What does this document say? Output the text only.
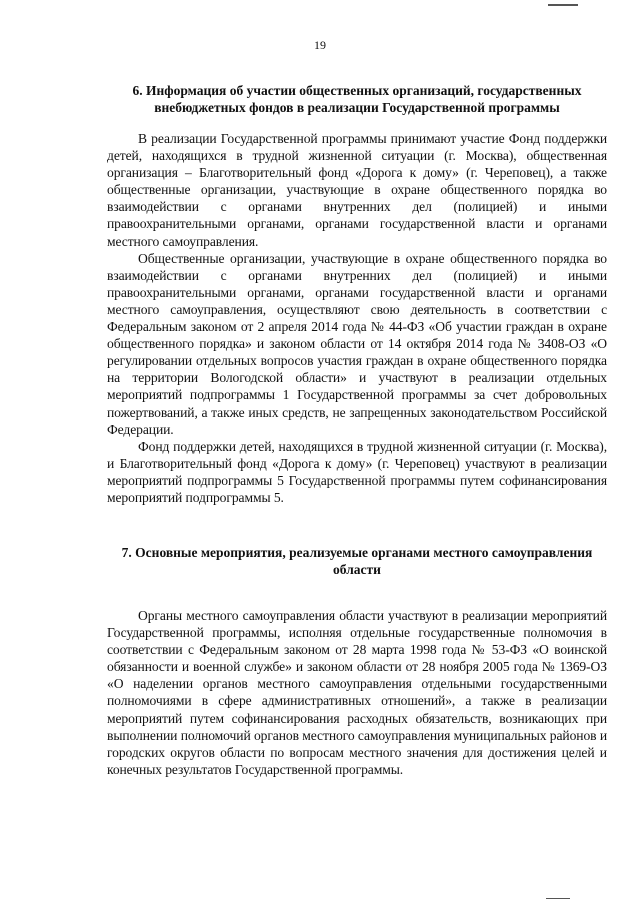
19
6. Информация об участии общественных организаций, государственных внебюджетных фондов в реализации Государственной программы

В реализации Государственной программы принимают участие Фонд поддержки детей, находящихся в трудной жизненной ситуации (г. Москва), общественная организация – Благотворительный фонд «Дорога к дому» (г. Череповец), а также общественные организации, участвующие в охране общественного порядка во взаимодействии с органами внутренних дел (полицией) и иными правоохранительными органами, органами государственной власти и органами местного самоуправления.

Общественные организации, участвующие в охране общественного порядка во взаимодействии с органами внутренних дел (полицией) и иными правоохранительными органами, органами государственной власти и органами местного самоуправления, осуществляют свою деятельность в соответствии с Федеральным законом от 2 апреля 2014 года № 44-ФЗ «Об участии граждан в охране общественного порядка» и законом области от 14 октября 2014 года № 3408-ОЗ «О регулировании отдельных вопросов участия граждан в охране общественного порядка на территории Вологодской области» и участвуют в реализации отдельных мероприятий подпрограммы 1 Государственной программы за счет добровольных пожертвований, а также иных средств, не запрещенных законодательством Российской Федерации.

Фонд поддержки детей, находящихся в трудной жизненной ситуации (г. Москва), и Благотворительный фонд «Дорога к дому» (г. Череповец) участвуют в реализации мероприятий подпрограммы 5 Государственной программы путем софинансирования мероприятий подпрограммы 5.

7. Основные мероприятия, реализуемые органами местного самоуправления области

Органы местного самоуправления области участвуют в реализации мероприятий Государственной программы, исполняя отдельные государственные полномочия в соответствии с Федеральным законом от 28 марта 1998 года № 53-ФЗ «О воинской обязанности и военной службе» и законом области от 28 ноября 2005 года № 1369-ОЗ «О наделении органов местного самоуправления отдельными государственными полномочиями в сфере административных отношений», а также в реализации мероприятий путем софинансирования расходных обязательств, возникающих при выполнении полномочий органов местного самоуправления муниципальных районов и городских округов области по вопросам местного значения для достижения целей и конечных результатов Государственной программы.
